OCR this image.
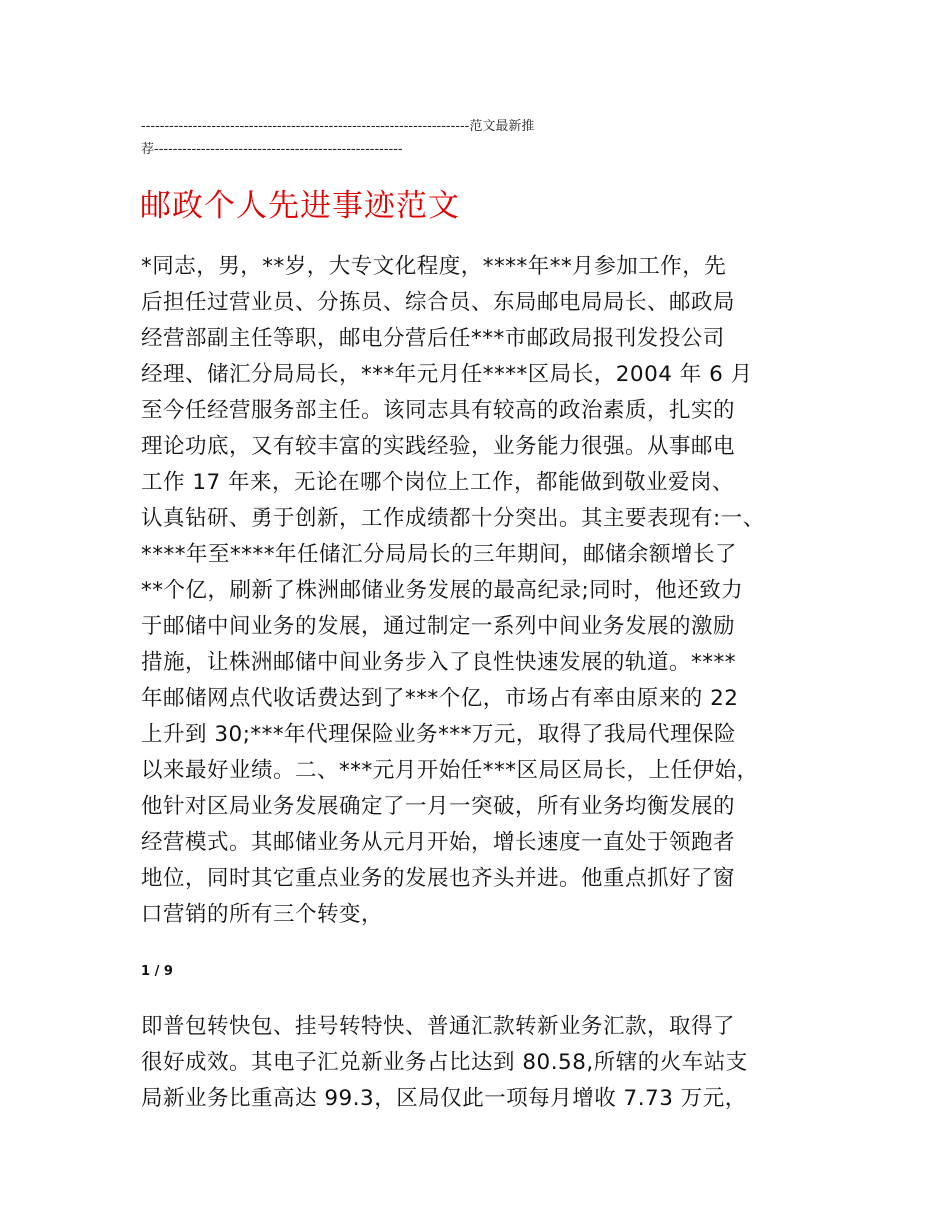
----------------------------------------------------------------------范文最新推
荐-----------------------------------------------------
邮政个人先进事迹范文
*同志，男，**岁，大专文化程度，****年**月参加工作，先
后担任过营业员、分拣员、综合员、东局邮电局局长、邮政局
经营部副主任等职，邮电分营后任***市邮政局报刊发投公司
经理、储汇分局局长，***年元月任****区局长，2004 年 6 月
至今任经营服务部主任。该同志具有较高的政治素质，扎实的
理论功底，又有较丰富的实践经验，业务能力很强。从事邮电
工作 17 年来，无论在哪个岗位上工作，都能做到敬业爱岗、
认真钻研、勇于创新，工作成绩都十分突出。其主要表现有:一、
****年至****年任储汇分局局长的三年期间，邮储余额增长了
**个亿，刷新了株洲邮储业务发展的最高纪录;同时，他还致力
于邮储中间业务的发展，通过制定一系列中间业务发展的激励
措施，让株洲邮储中间业务步入了良性快速发展的轨道。****
年邮储网点代收话费达到了***个亿，市场占有率由原来的 22
上升到 30;***年代理保险业务***万元，取得了我局代理保险
以来最好业绩。二、***元月开始任***区局区局长，上任伊始，
他针对区局业务发展确定了一月一突破，所有业务均衡发展的
经营模式。其邮储业务从元月开始，增长速度一直处于领跑者
地位，同时其它重点业务的发展也齐头并进。他重点抓好了窗
口营销的所有三个转变，
1 / 9
即普包转快包、挂号转特快、普通汇款转新业务汇款，取得了
很好成效。其电子汇兑新业务占比达到 80.58,所辖的火车站支
局新业务比重高达 99.3，区局仅此一项每月增收 7.73 万元，
